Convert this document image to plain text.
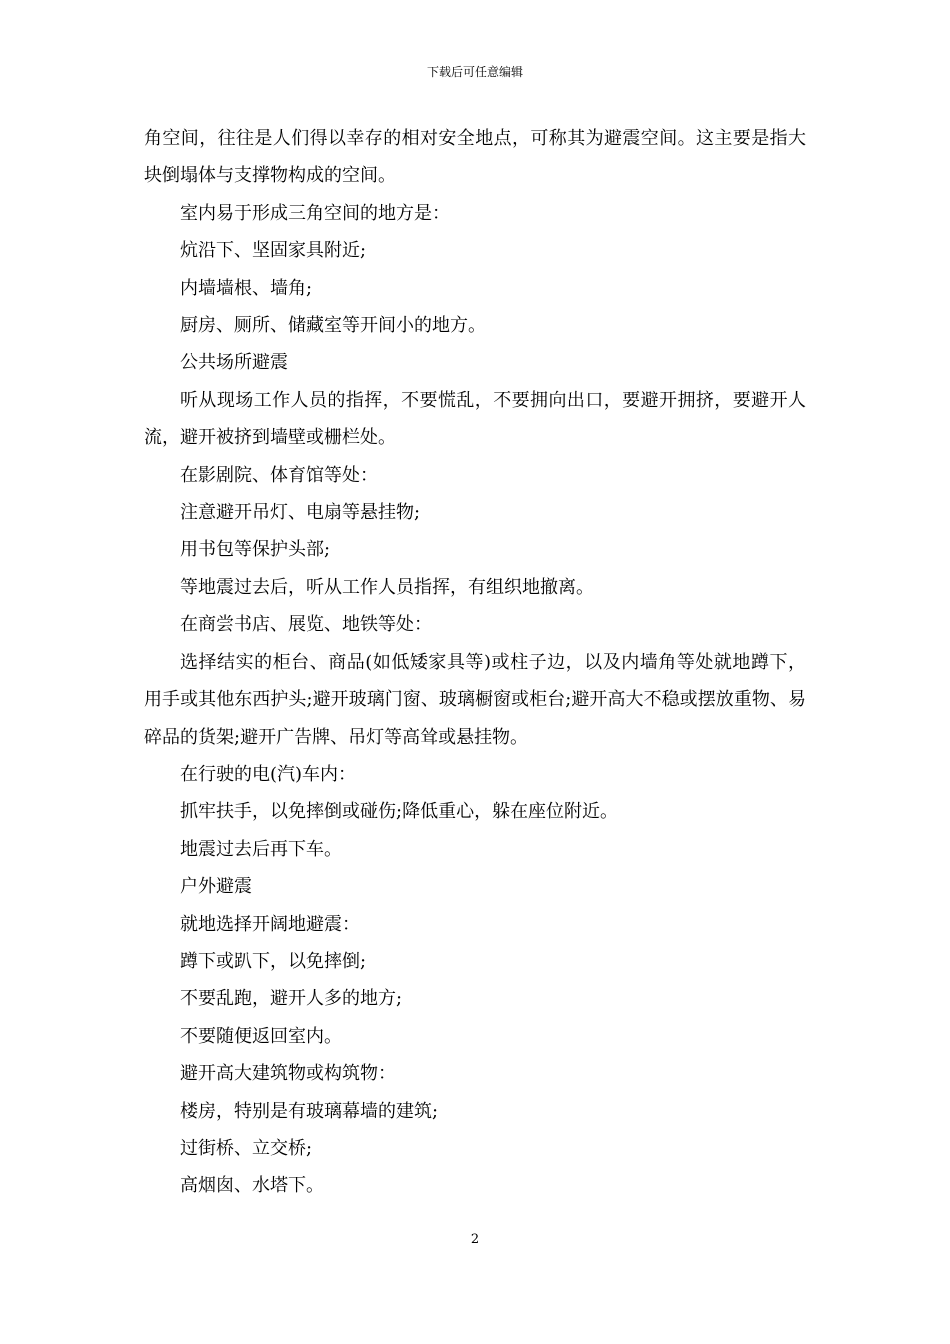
下载后可任意编辑

角空间，往往是人们得以幸存的相对安全地点，可称其为避震空间。这主要是指大块倒塌体与支撑物构成的空间。

室内易于形成三角空间的地方是：

炕沿下、坚固家具附近;

内墙墙根、墙角;

厨房、厕所、储藏室等开间小的地方。

公共场所避震

听从现场工作人员的指挥，不要慌乱，不要拥向出口，要避开拥挤，要避开人流，避开被挤到墙壁或栅栏处。

在影剧院、体育馆等处：

注意避开吊灯、电扇等悬挂物;

用书包等保护头部;

等地震过去后，听从工作人员指挥，有组织地撤离。

在商尝书店、展览、地铁等处：

选择结实的柜台、商品(如低矮家具等)或柱子边，以及内墙角等处就地蹲下，用手或其他东西护头;避开玻璃门窗、玻璃橱窗或柜台;避开高大不稳或摆放重物、易碎品的货架;避开广告牌、吊灯等高耸或悬挂物。

在行驶的电(汽)车内：

抓牢扶手，以免摔倒或碰伤;降低重心，躲在座位附近。

地震过去后再下车。

户外避震

就地选择开阔地避震：

蹲下或趴下，以免摔倒;

不要乱跑，避开人多的地方;

不要随便返回室内。

避开高大建筑物或构筑物：

楼房，特别是有玻璃幕墙的建筑;

过街桥、立交桥;

高烟囱、水塔下。

2
